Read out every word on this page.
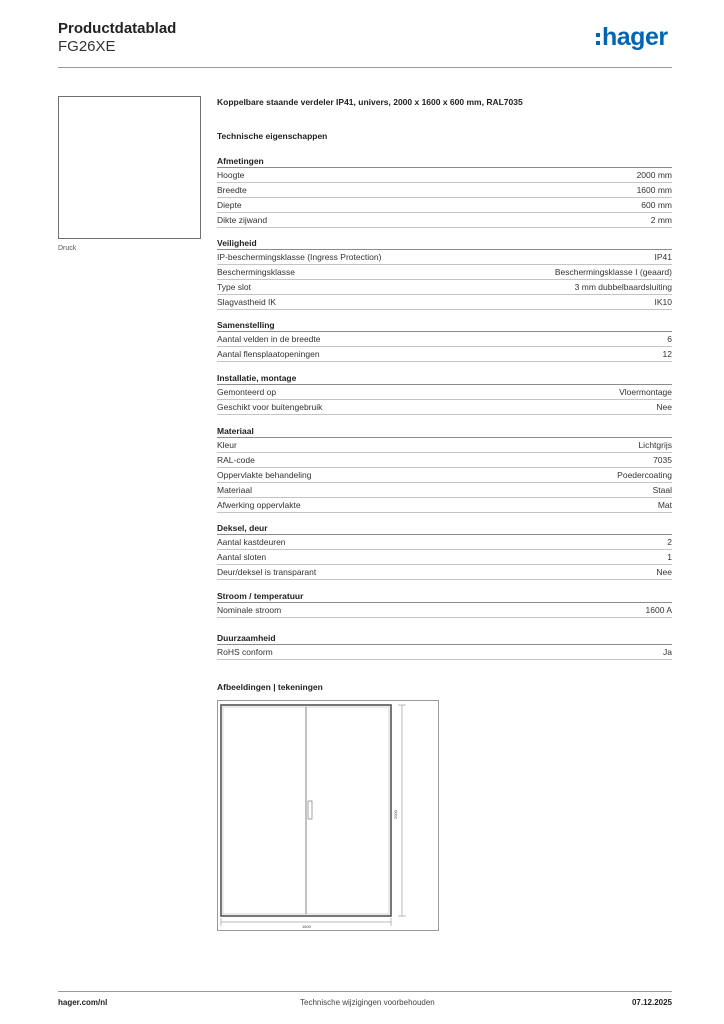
Productdatablad
FG26XE	hager
Druck
Koppelbare staande verdeler IP41, univers, 2000 x 1600 x 600 mm, RAL7035
Technische eigenschappen
Afmetingen
Hoogte	2000 mm
Breedte	1600 mm
Diepte	600 mm
Dikte zijwand	2 mm
Veiligheid
IP-beschermingsklasse (Ingress Protection)	IP41
Beschermingsklasse	Beschermingsklasse I (geaard)
Type slot	3 mm dubbelbaardsluiting
Slagvastheid IK	IK10
Samenstelling
Aantal velden in de breedte	6
Aantal flensplaatopeningen	12
Installatie, montage
Gemonteerd op	Vloermontage
Geschikt voor buitengebruik	Nee
Materiaal
Kleur	Lichtgrijs
RAL-code	7035
Oppervlakte behandeling	Poedercoating
Materiaal	Staal
Afwerking oppervlakte	Mat
Deksel, deur
Aantal kastdeuren	2
Aantal sloten	1
Deur/deksel is transparant	Nee
Stroom / temperatuur
Nominale stroom	1600 A
Duurzaamheid
RoHS conform	Ja
Afbeeldingen | tekeningen
2000
1600
hager.com/nl	Technische wijzigingen voorbehouden	07.12.2025
